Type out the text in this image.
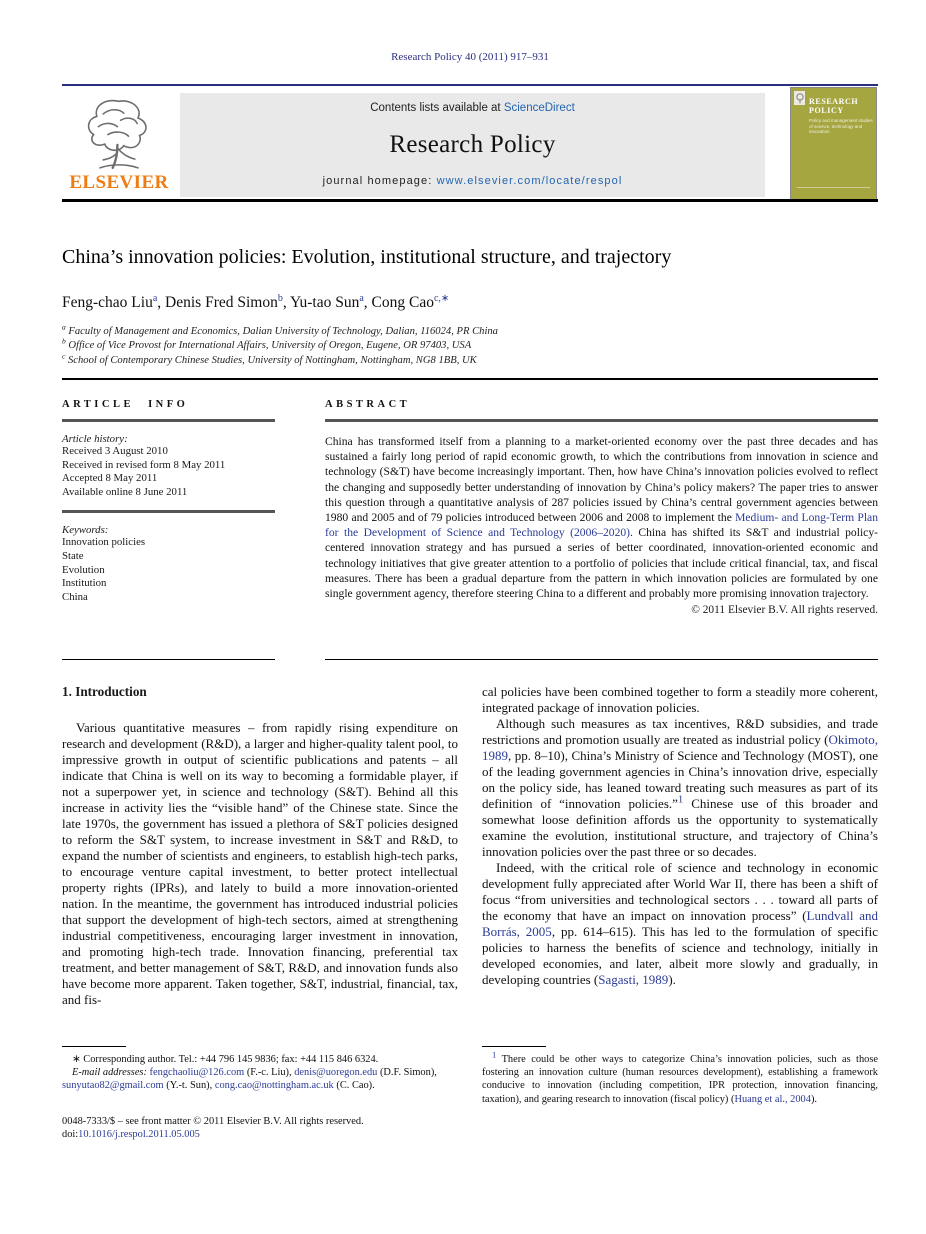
Research Policy 40 (2011) 917–931
ELSEVIER
Contents lists available at ScienceDirect
Research Policy
journal homepage: www.elsevier.com/locate/respol
RESEARCH
POLICY
Policy and management studies of science, technology and innovation
China’s innovation policies: Evolution, institutional structure, and trajectory
Feng-chao Liu$^a$, Denis Fred Simon$^b$, Yu-tao Sun$^a$, Cong Cao$^{c,∗}$
$^a$ Faculty of Management and Economics, Dalian University of Technology, Dalian, 116024, PR China
$^b$ Office of Vice Provost for International Affairs, University of Oregon, Eugene, OR 97403, USA
$^c$ School of Contemporary Chinese Studies, University of Nottingham, Nottingham, NG8 1BB, UK
ARTICLE INFO
Article history:
Received 3 August 2010
Received in revised form 8 May 2011
Accepted 8 May 2011
Available online 8 June 2011
Keywords:
Innovation policies
State
Evolution
Institution
China
ABSTRACT
China has transformed itself from a planning to a market-oriented economy over the past three decades and has sustained a fairly long period of rapid economic growth, to which the contributions from innovation in science and technology (S&T) have become increasingly important. Then, how have China’s innovation policies evolved to reflect the changing and supposedly better understanding of innovation by China’s policy makers? The paper tries to answer this question through a quantitative analysis of 287 policies issued by China’s central government agencies between 1980 and 2005 and of 79 policies introduced between 2006 and 2008 to implement the Medium- and Long-Term Plan for the Development of Science and Technology (2006–2020). China has shifted its S&T and industrial policy-centered innovation strategy and has pursued a series of better coordinated, innovation-oriented economic and technology initiatives that give greater attention to a portfolio of policies that include critical financial, tax, and fiscal measures. There has been a gradual departure from the pattern in which innovation policies are formulated by one single government agency, therefore steering China to a different and probably more promising innovation trajectory.
© 2011 Elsevier B.V. All rights reserved.
1. Introduction

Various quantitative measures – from rapidly rising expenditure on research and development (R&D), a larger and higher-quality talent pool, to impressive growth in output of scientific publications and patents – all indicate that China is well on its way to becoming a formidable player, if not a superpower yet, in science and technology (S&T). Behind all this increase in activity lies the “visible hand” of the Chinese state. Since the late 1970s, the government has issued a plethora of S&T policies designed to reform the S&T system, to increase investment in S&T and R&D, to expand the number of scientists and engineers, to establish high-tech parks, to encourage venture capital investment, to better protect intellectual property rights (IPRs), and lately to build a more innovation-oriented nation. In the meantime, the government has introduced industrial policies that support the development of high-tech sectors, aimed at strengthening industrial competitiveness, encouraging larger investment in innovation, and promoting high-tech trade. Innovation financing, preferential tax treatment, and better management of S&T, R&D, and innovation funds also have become more apparent. Taken together, S&T, industrial, financial, tax, and fis-

cal policies have been combined together to form a steadily more coherent, integrated package of innovation policies.

Although such measures as tax incentives, R&D subsidies, and trade restrictions and promotion usually are treated as industrial policy (Okimoto, 1989, pp. 8–10), China’s Ministry of Science and Technology (MOST), one of the leading government agencies in China’s innovation drive, especially on the policy side, has leaned toward treating such measures as part of its definition of “innovation policies.”$^1$ Chinese use of this broader and somewhat loose definition affords us the opportunity to systematically examine the evolution, institutional structure, and trajectory of China’s innovation policies over the past three or so decades.

Indeed, with the critical role of science and technology in economic development fully appreciated after World War II, there has been a shift of focus “from universities and technological sectors . . . toward all parts of the economy that have an impact on innovation process” (Lundvall and Borrás, 2005, pp. 614–615). This has led to the formulation of specific policies to harness the benefits of science and technology, initially in developed economies, and later, albeit more slowly and gradually, in developing countries (Sagasti, 1989).

∗ Corresponding author. Tel.: +44 796 145 9836; fax: +44 115 846 6324.

E-mail addresses: fengchaoliu@126.com (F.-c. Liu), denis@uoregon.edu (D.F. Simon), sunyutao82@gmail.com (Y.-t. Sun), cong.cao@nottingham.ac.uk (C. Cao).

0048-7333/$ – see front matter © 2011 Elsevier B.V. All rights reserved.
doi:10.1016/j.respol.2011.05.005

$^1$ There could be other ways to categorize China’s innovation policies, such as those fostering an innovation culture (human resources development), establishing a framework conducive to innovation (including competition, IPR protection, innovation financing, taxation), and gearing research to innovation (fiscal policy) (Huang et al., 2004).
